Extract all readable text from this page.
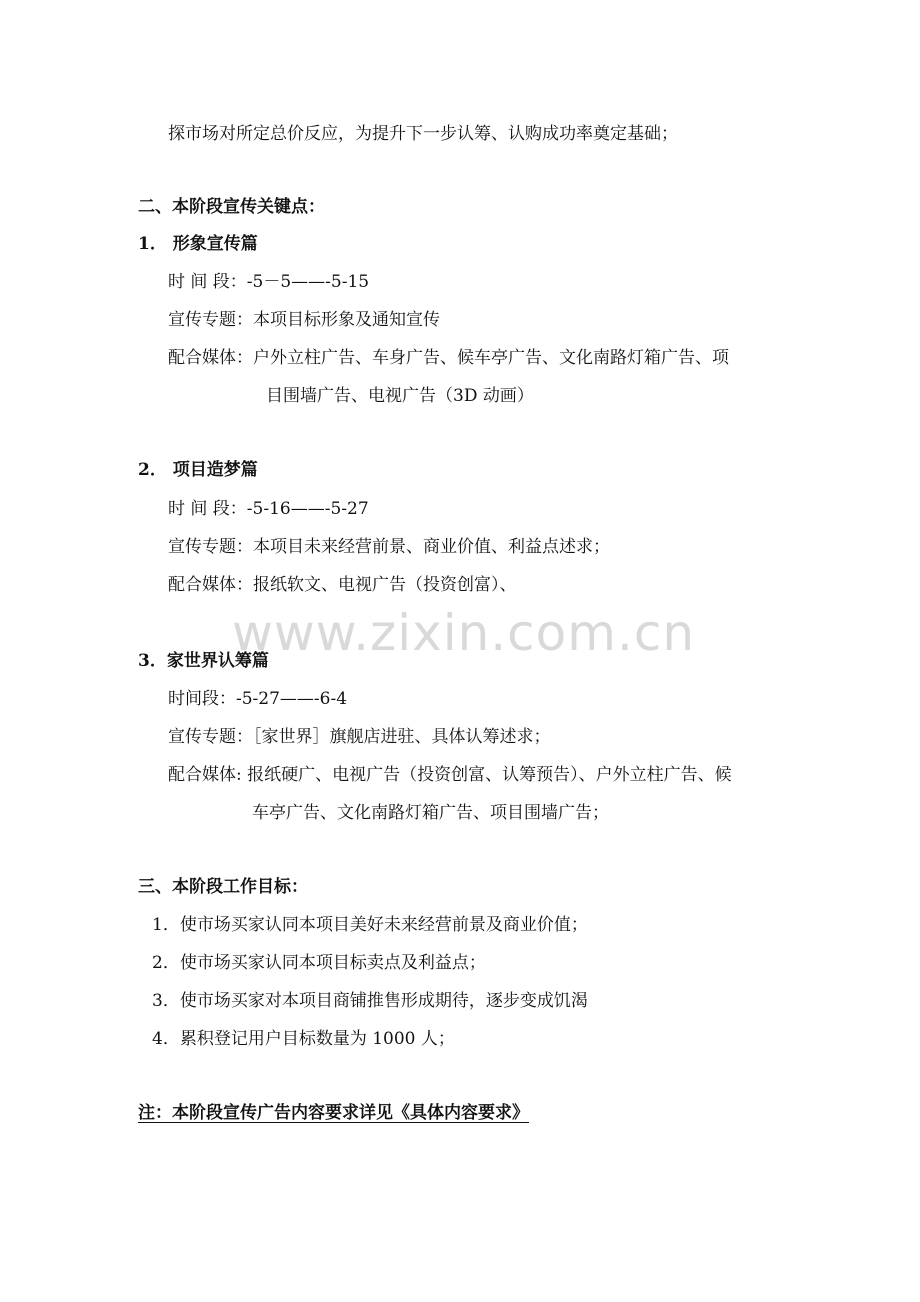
www.zixin.com.cn
探市场对所定总价反应，为提升下一步认筹、认购成功率奠定基础；
二、本阶段宣传关键点：
1． 形象宣传篇
时 间 段：-5－5——-5-15
宣传专题：本项目标形象及通知宣传
配合媒体：户外立柱广告、车身广告、候车亭广告、文化南路灯箱广告、项
目围墙广告、电视广告（3D 动画）
2． 项目造梦篇
时 间 段：-5-16——-5-27
宣传专题：本项目未来经营前景、商业价值、利益点述求；
配合媒体：报纸软文、电视广告（投资创富）、
3．家世界认筹篇
时间段：-5-27——-6-4
宣传专题：［家世界］旗舰店进驻、具体认筹述求；
配合媒体: 报纸硬广、电视广告（投资创富、认筹预告）、户外立柱广告、候
车亭广告、文化南路灯箱广告、项目围墙广告；
三、本阶段工作目标：
1．使市场买家认同本项目美好未来经营前景及商业价值；
2．使市场买家认同本项目标卖点及利益点；
3．使市场买家对本项目商铺推售形成期待，逐步变成饥渴
4．累积登记用户目标数量为 1000 人；
注：本阶段宣传广告内容要求详见《具体内容要求》
